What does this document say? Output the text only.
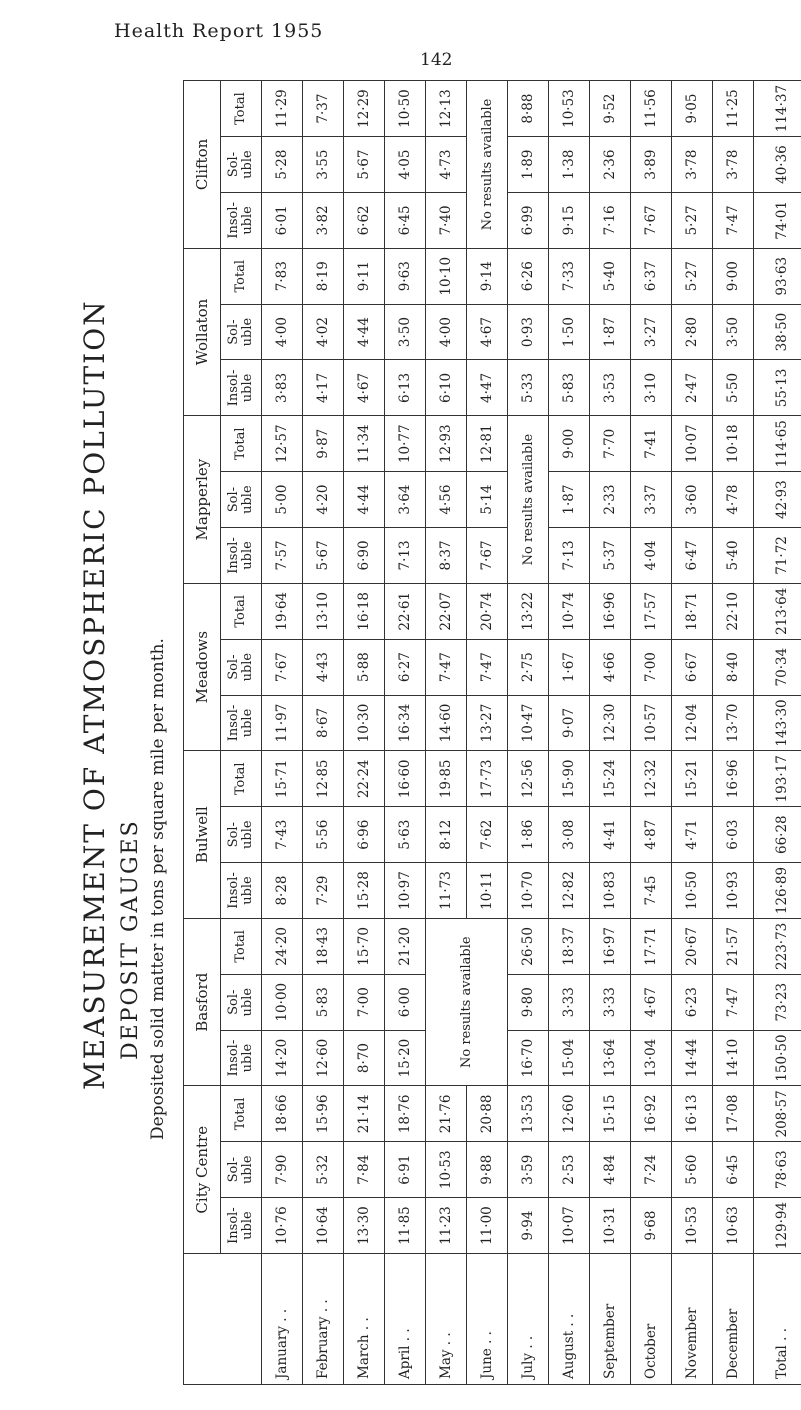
Health Report 1955
142
MEASUREMENT OF ATMOSPHERIC POLLUTION DEPOSIT GAUGES Deposited solid matter in tons per square mile per month.
	City Centre			Basford			Bulwell			Meadows			Mapperley			Wollaton			Clifton		
	Insol- uble	Sol- uble	Total	Insol- uble	Sol- uble	Total	Insol- uble	Sol- uble	Total	Insol- uble	Sol- uble	Total	Insol- uble	Sol- uble	Total	Insol- uble	Sol- uble	Total	Insol- uble	Sol- uble	Total
January . .	10·76	7·90	18·66	14·20	10·00	24·20	8·28	7·43	15·71	11·97	7·67	19·64	7·57	5·00	12·57	3·83	4·00	7·83	6·01	5·28	11·29
February . .	10·64	5·32	15·96	12·60	5·83	18·43	7·29	5·56	12·85	8·67	4·43	13·10	5·67	4·20	9·87	4·17	4·02	8·19	3·82	3·55	7·37
March . .	13·30	7·84	21·14	8·70	7·00	15·70	15·28	6·96	22·24	10·30	5·88	16·18	6·90	4·44	11·34	4·67	4·44	9·11	6·62	5·67	12·29
April . .	11·85	6·91	18·76	15·20	6·00	21·20	10·97	5·63	16·60	16·34	6·27	22·61	7·13	3·64	10·77	6·13	3·50	9·63	6·45	4·05	10·50
May . .	11·23	10·53	21·76	No results available			11·73	8·12	19·85	14·60	7·47	22·07	8·37	4·56	12·93	6·10	4·00	10·10	7·40	4·73	12·13
June . .	11·00	9·88	20·88				10·11	7·62	17·73	13·27	7·47	20·74	7·67	5·14	12·81	4·47	4·67	9·14	No results available		
July . .	9·94	3·59	13·53	16·70	9·80	26·50	10·70	1·86	12·56	10·47	2·75	13·22	No results available			5·33	0·93	6·26	6·99	1·89	8·88
August . .	10·07	2·53	12·60	15·04	3·33	18·37	12·82	3·08	15·90	9·07	1·67	10·74	7·13	1·87	9·00	5·83	1·50	7·33	9·15	1·38	10·53
September	10·31	4·84	15·15	13·64	3·33	16·97	10·83	4·41	15·24	12·30	4·66	16·96	5·37	2·33	7·70	3·53	1·87	5·40	7·16	2·36	9·52
October	9·68	7·24	16·92	13·04	4·67	17·71	7·45	4·87	12·32	10·57	7·00	17·57	4·04	3·37	7·41	3·10	3·27	6·37	7·67	3·89	11·56
November	10·53	5·60	16·13	14·44	6·23	20·67	10·50	4·71	15·21	12·04	6·67	18·71	6·47	3·60	10·07	2·47	2·80	5·27	5·27	3·78	9·05
December	10·63	6·45	17·08	14·10	7·47	21·57	10·93	6·03	16·96	13·70	8·40	22·10	5·40	4·78	10·18	5·50	3·50	9·00	7·47	3·78	11·25
Total . .	129·94	78·63	208·57	150·50	73·23	223·73	126·89	66·28	193·17	143·30	70·34	213·64	71·72	42·93	114·65	55·13	38·50	93·63	74·01	40·36	114·37
